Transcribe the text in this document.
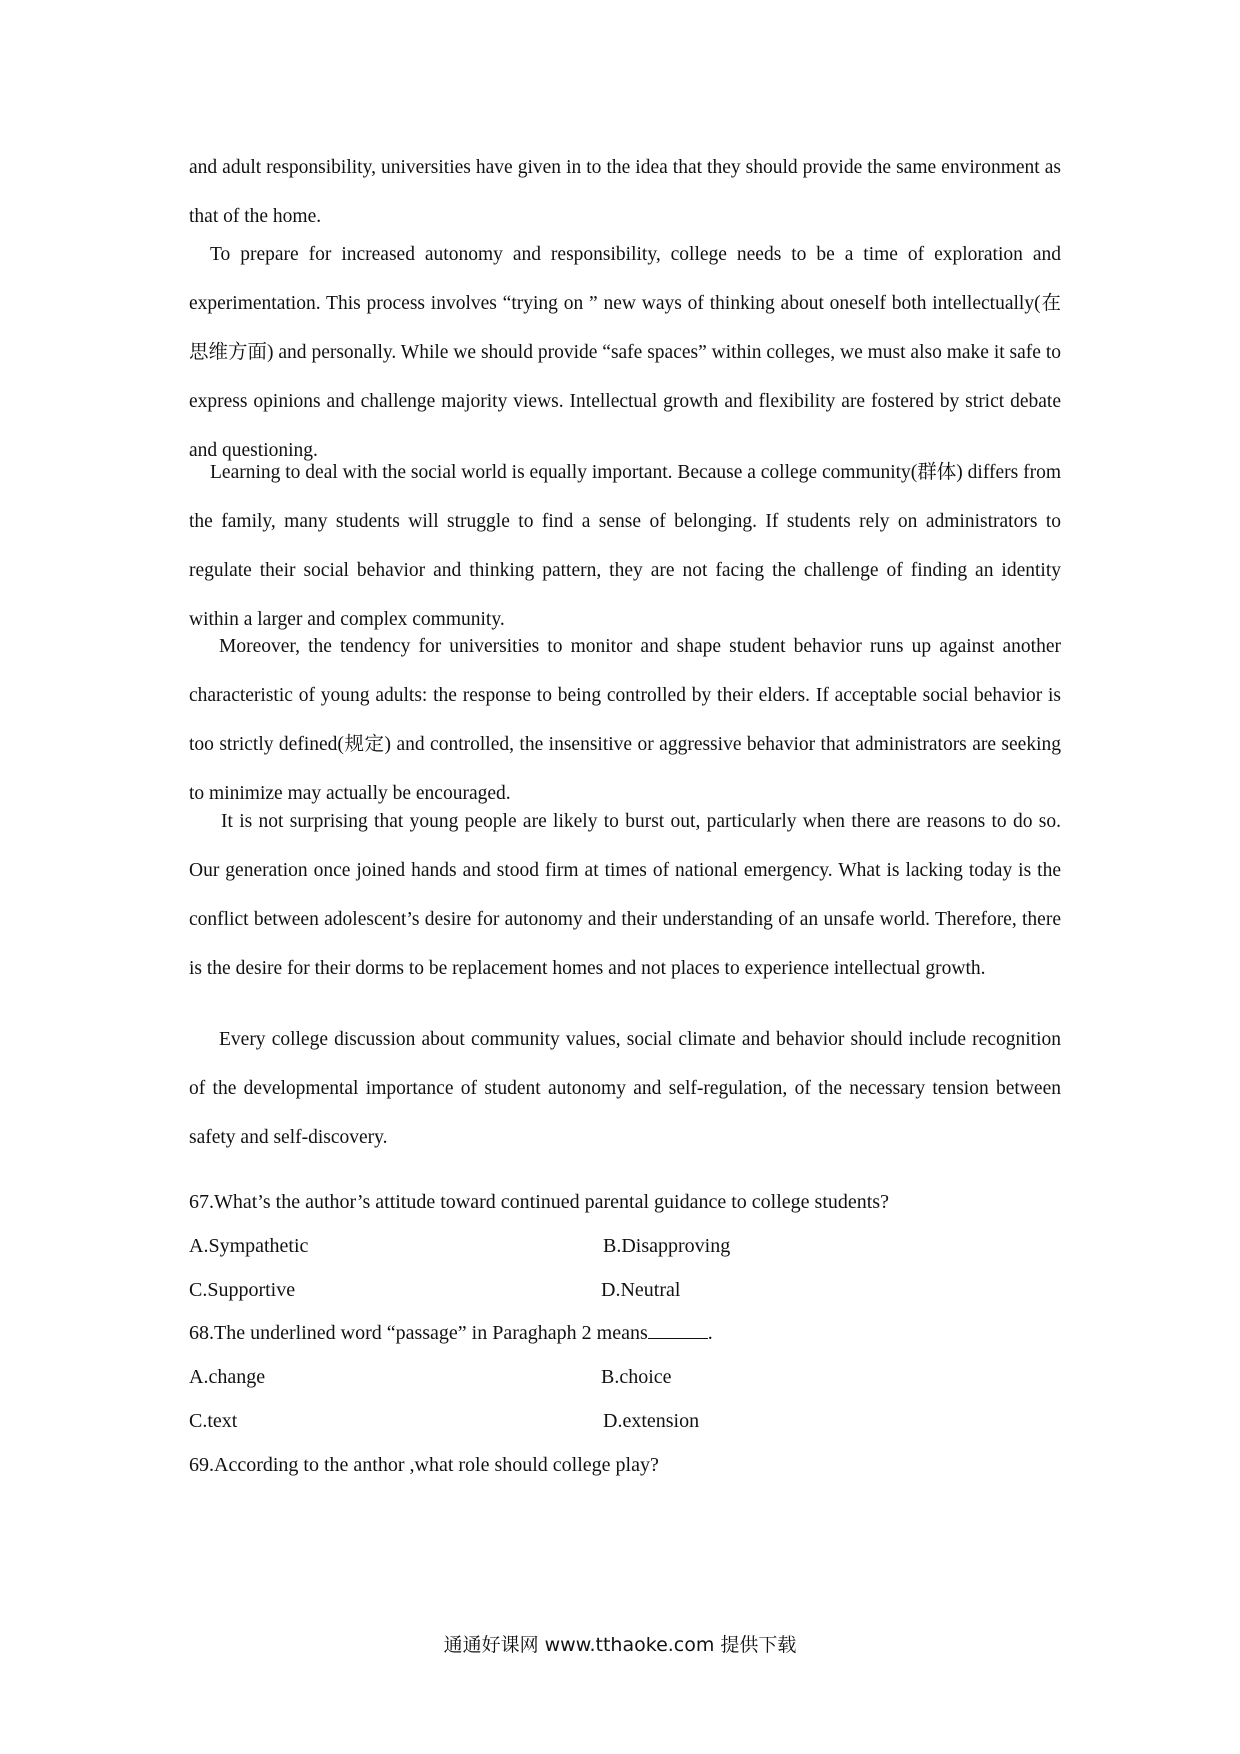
and adult responsibility, universities have given in to the idea that they should provide the same environment as that of the home.

To prepare for increased autonomy and responsibility, college needs to be a time of exploration and experimentation. This process involves “trying on ” new ways of thinking about oneself both intellectually(在思维方面) and personally. While we should provide “safe spaces” within colleges, we must also make it safe to express opinions and challenge majority views. Intellectual growth and flexibility are fostered by strict debate and questioning.

Learning to deal with the social world is equally important. Because a college community(群体) differs from the family, many students will struggle to find a sense of belonging. If students rely on administrators to regulate their social behavior and thinking pattern, they are not facing the challenge of finding an identity within a larger and complex community.

Moreover, the tendency for universities to monitor and shape student behavior runs up against another characteristic of young adults: the response to being controlled by their elders. If acceptable social behavior is too strictly defined(规定) and controlled, the insensitive or aggressive behavior that administrators are seeking to minimize may actually be encouraged.

It is not surprising that young people are likely to burst out, particularly when there are reasons to do so. Our generation once joined hands and stood firm at times of national emergency. What is lacking today is the conflict between adolescent’s desire for autonomy and their understanding of an unsafe world. Therefore, there is the desire for their dorms to be replacement homes and not places to experience intellectual growth.

Every college discussion about community values, social climate and behavior should include recognition of the developmental importance of student autonomy and self-regulation, of the necessary tension between safety and self-discovery.

67.What’s the author’s attitude toward continued parental guidance to college students?

A.Sympathetic	B.Disapproving

C.Supportive	D.Neutral

68.The underlined word “passage” in Paraghaph 2 means	.

A.change	B.choice

C.text	D.extension

69.According to the anthor ,what role should college play?

通通好课网 www.tthaoke.com 提供下载
